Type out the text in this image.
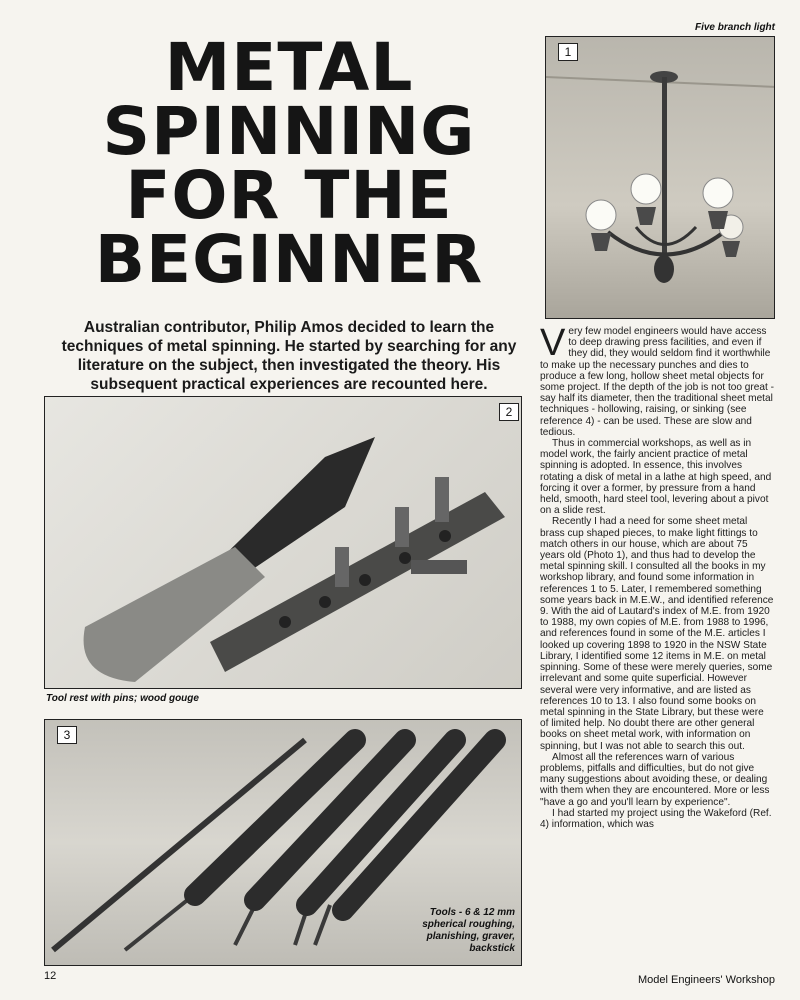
Five branch light
METAL
SPINNING
FOR THE
BEGINNER
Australian contributor, Philip Amos decided to learn the techniques of metal spinning. He started by searching for any literature on the subject, then investigated the theory. His subsequent practical experiences are recounted here.
1
2
Tool rest with pins; wood gouge
3
Tools - 6 & 12 mm spherical roughing, planishing, graver, backstick

Very few model engineers would have access to deep drawing press facilities, and even if they did, they would seldom find it worthwhile to make up the necessary punches and dies to produce a few long, hollow sheet metal objects for some project. If the depth of the job is not too great - say half its diameter, then the traditional sheet metal techniques - hollowing, raising, or sinking (see reference 4) - can be used. These are slow and tedious.

Thus in commercial workshops, as well as in model work, the fairly ancient practice of metal spinning is adopted. In essence, this involves rotating a disk of metal in a lathe at high speed, and forcing it over a former, by pressure from a hand held, smooth, hard steel tool, levering about a pivot on a slide rest.

Recently I had a need for some sheet metal brass cup shaped pieces, to make light fittings to match others in our house, which are about 75 years old (Photo 1), and thus had to develop the metal spinning skill. I consulted all the books in my workshop library, and found some information in references 1 to 5. Later, I remembered something some years back in M.E.W., and identified reference 9. With the aid of Lautard's index of M.E. from 1920 to 1988, my own copies of M.E. from 1988 to 1996, and references found in some of the M.E. articles I looked up covering 1898 to 1920 in the NSW State Library, I identified some 12 items in M.E. on metal spinning. Some of these were merely queries, some irrelevant and some quite superficial. However several were very informative, and are listed as references 10 to 13. I also found some books on metal spinning in the State Library, but these were of limited help. No doubt there are other general books on sheet metal work, with information on spinning, but I was not able to search this out.

Almost all the references warn of various problems, pitfalls and difficulties, but do not give many suggestions about avoiding these, or dealing with them when they are encountered. More or less "have a go and you'll learn by experience".

I had started my project using the Wakeford (Ref. 4) information, which was

12	Model Engineers' Workshop
